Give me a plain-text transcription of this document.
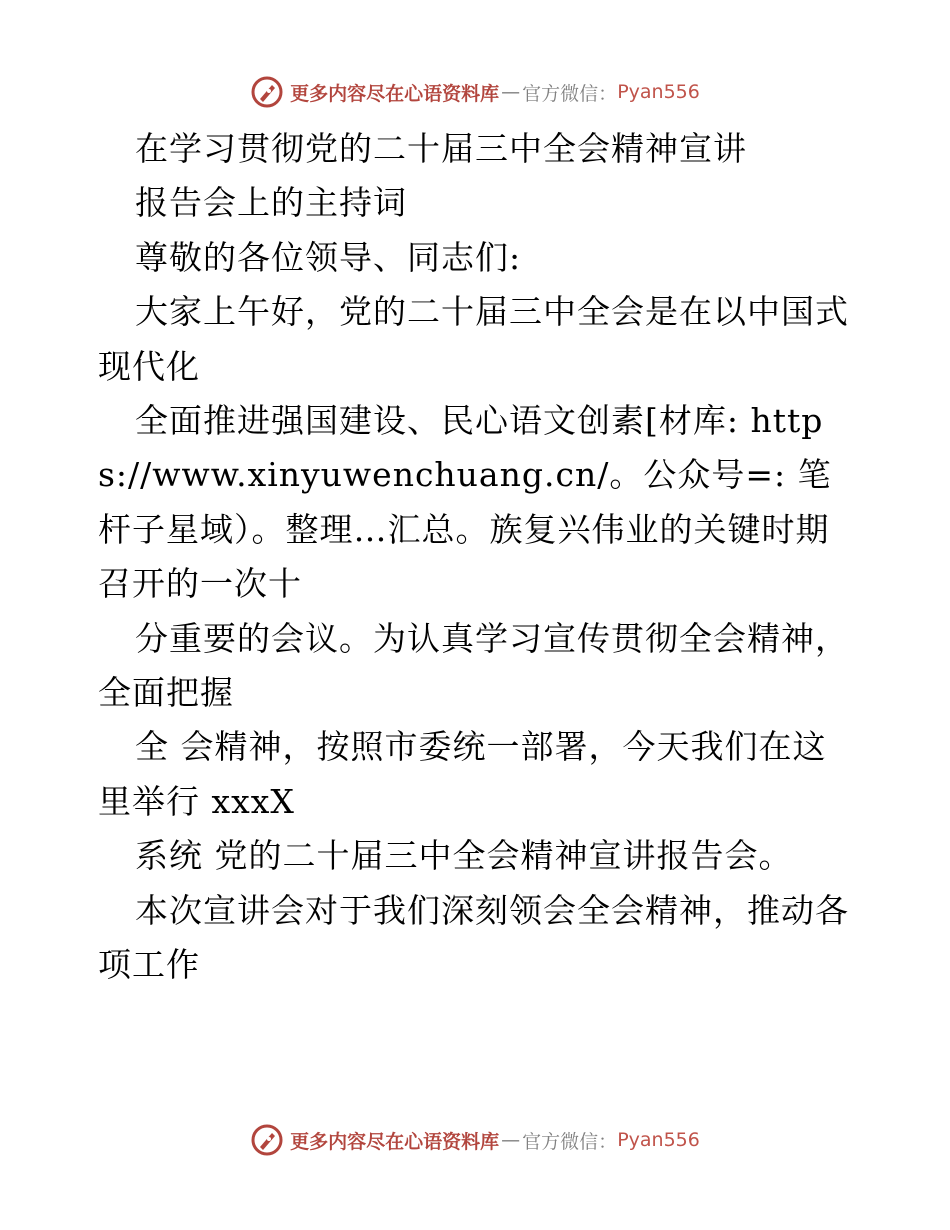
更多内容尽在心语资料库 — 官方微信： Pyan556

在学习贯彻党的二十届三中全会精神宣讲

报告会上的主持词

尊敬的各位领导、同志们:

大家上午好，党的二十届三中全会是在以中国式现代化

全面推进强国建设、民心语文创素[材库: https://www.xinyuwenchuang.cn/。公众号=: 笔杆子星域）。整理…汇总。族复兴伟业的关键时期召开的一次十

分重要的会议。为认真学习宣传贯彻全会精神，全面把握

全 会精神，按照市委统一部署，今天我们在这里举行 xxxX

系统 党的二十届三中全会精神宣讲报告会。

本次宣讲会对于我们深刻领会全会精神，推动各项工作

更多内容尽在心语资料库 — 官方微信： Pyan556
